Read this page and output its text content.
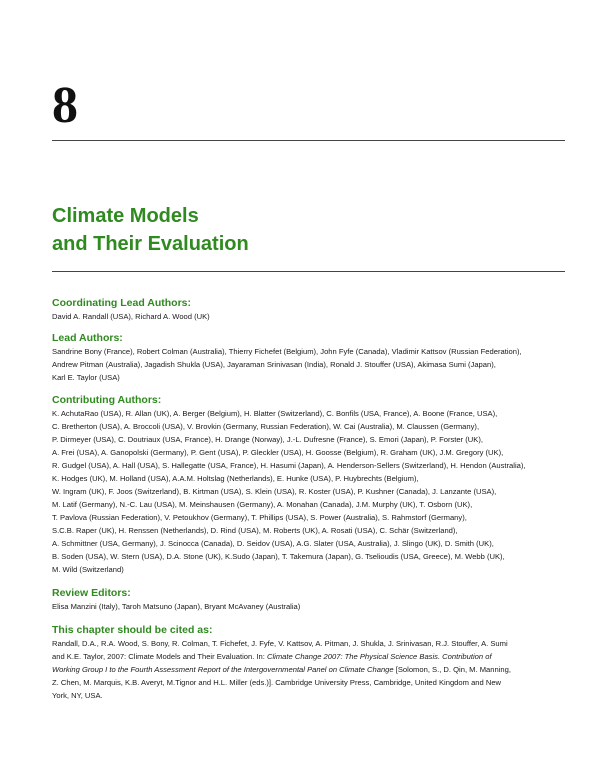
8
Climate Models
and Their Evaluation

Coordinating Lead Authors:

David A. Randall (USA), Richard A. Wood (UK)

Lead Authors:

Sandrine Bony (France), Robert Colman (Australia), Thierry Fichefet (Belgium), John Fyfe (Canada), Vladimir Kattsov (Russian Federation),

Andrew Pitman (Australia), Jagadish Shukla (USA), Jayaraman Srinivasan (India), Ronald J. Stouffer (USA), Akimasa Sumi (Japan),

Karl E. Taylor (USA)

Contributing Authors:

K. AchutaRao (USA), R. Allan (UK), A. Berger (Belgium), H. Blatter (Switzerland), C. Bonfils (USA, France), A. Boone (France, USA),

C. Bretherton (USA), A. Broccoli (USA), V. Brovkin (Germany, Russian Federation), W. Cai (Australia), M. Claussen (Germany),

P. Dirmeyer (USA), C. Doutriaux (USA, France), H. Drange (Norway), J.-L. Dufresne (France), S. Emori (Japan), P. Forster (UK),

A. Frei (USA), A. Ganopolski (Germany), P. Gent (USA), P. Gleckler (USA), H. Goosse (Belgium), R. Graham (UK), J.M. Gregory (UK),

R. Gudgel (USA), A. Hall (USA), S. Hallegatte (USA, France), H. Hasumi (Japan), A. Henderson-Sellers (Switzerland), H. Hendon (Australia),

K. Hodges (UK), M. Holland (USA), A.A.M. Holtslag (Netherlands), E. Hunke (USA), P. Huybrechts (Belgium),

W. Ingram (UK), F. Joos (Switzerland), B. Kirtman (USA), S. Klein (USA), R. Koster (USA), P. Kushner (Canada), J. Lanzante (USA),

M. Latif (Germany), N.-C. Lau (USA), M. Meinshausen (Germany), A. Monahan (Canada), J.M. Murphy (UK), T. Osborn (UK),

T. Pavlova (Russian Federation), V. Petoukhov (Germany), T. Phillips (USA), S. Power (Australia), S. Rahmstorf (Germany),

S.C.B. Raper (UK), H. Renssen (Netherlands), D. Rind (USA), M. Roberts (UK), A. Rosati (USA), C. Schär (Switzerland),

A. Schmittner (USA, Germany), J. Scinocca (Canada), D. Seidov (USA), A.G. Slater (USA, Australia), J. Slingo (UK), D. Smith (UK),

B. Soden (USA), W. Stern (USA), D.A. Stone (UK), K.Sudo (Japan), T. Takemura (Japan), G. Tselioudis (USA, Greece), M. Webb (UK),

M. Wild (Switzerland)

Review Editors:

Elisa Manzini (Italy), Taroh Matsuno (Japan), Bryant McAvaney (Australia)

This chapter should be cited as:

Randall, D.A., R.A. Wood, S. Bony, R. Colman, T. Fichefet, J. Fyfe, V. Kattsov, A. Pitman, J. Shukla, J. Srinivasan, R.J. Stouffer, A. Sumi

and K.E. Taylor, 2007: Climate Models and Their Evaluation. In: Climate Change 2007: The Physical Science Basis. Contribution of

Working Group I to the Fourth Assessment Report of the Intergovernmental Panel on Climate Change [Solomon, S., D. Qin, M. Manning,

Z. Chen, M. Marquis, K.B. Averyt, M.Tignor and H.L. Miller (eds.)]. Cambridge University Press, Cambridge, United Kingdom and New

York, NY, USA.
